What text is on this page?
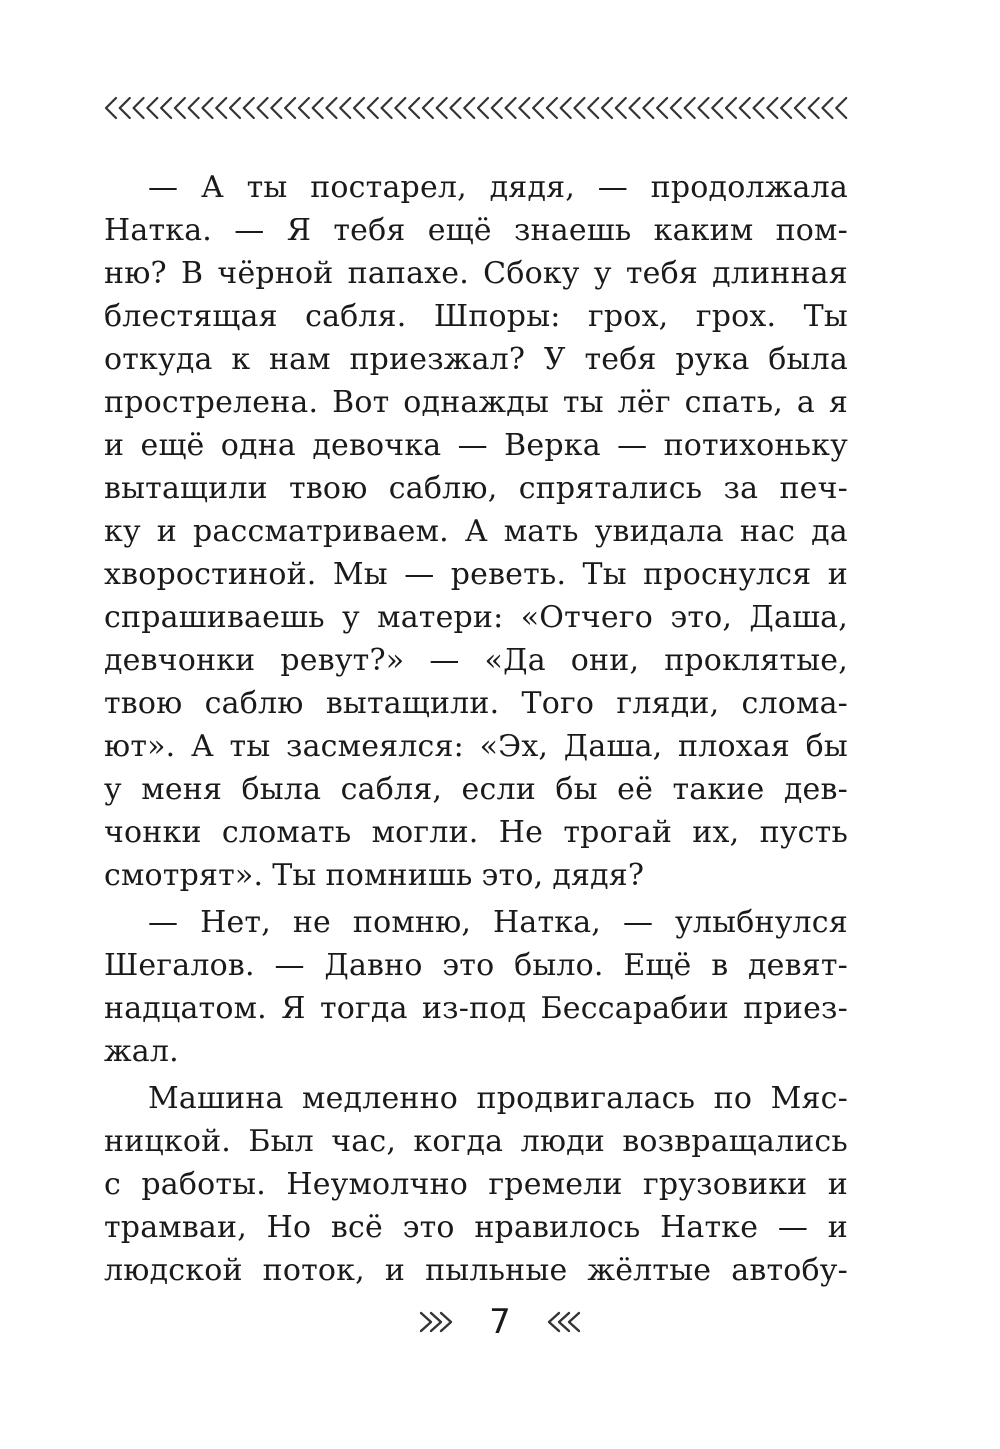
— А ты постарел, дядя, — продолжала
Натка. — Я тебя ещё знаешь каким пом-
ню? В чёрной папахе. Сбоку у тебя длинная
блестящая сабля. Шпоры: грох, грох. Ты
откуда к нам приезжал? У тебя рука была
прострелена. Вот однажды ты лёг спать, а я
и ещё одна девочка — Верка — потихоньку
вытащили твою саблю, спрятались за печ-
ку и рассматриваем. А мать увидала нас да
хворостиной. Мы — реветь. Ты проснулся и
спрашиваешь у матери: «Отчего это, Даша,
девчонки ревут?» — «Да они, проклятые,
твою саблю вытащили. Того гляди, слома-
ют». А ты засмеялся: «Эх, Даша, плохая бы
у меня была сабля, если бы её такие дев-
чонки сломать могли. Не трогай их, пусть
смотрят». Ты помнишь это, дядя?
— Нет, не помню, Натка, — улыбнулся
Шегалов. — Давно это было. Ещё в девят-
надцатом. Я тогда из-под Бессарабии приез-
жал.
Машина медленно продвигалась по Мяс-
ницкой. Был час, когда люди возвращались
с работы. Неумолчно гремели грузовики и
трамваи, Но всё это нравилось Натке — и
людской поток, и пыльные жёлтые автобу-
7
